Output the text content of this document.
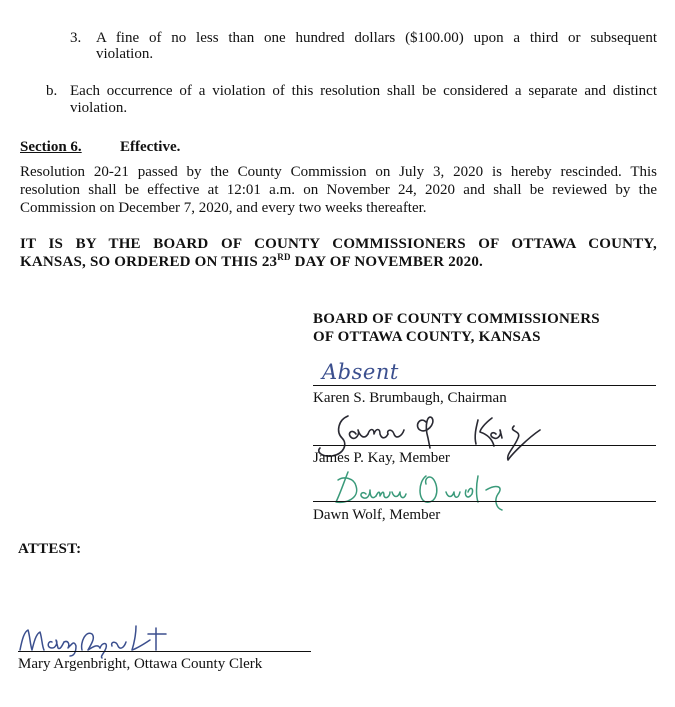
3. A fine of no less than one hundred dollars ($100.00) upon a third or subsequent
violation.
b. Each occurrence of a violation of this resolution shall be considered a separate and distinct
violation.
Section 6.	Effective.
Resolution 20-21 passed by the County Commission on July 3, 2020 is hereby rescinded. This
resolution shall be effective at 12:01 a.m. on November 24, 2020 and shall be reviewed by the
Commission on December 7, 2020, and every two weeks thereafter.
IT IS BY THE BOARD OF COUNTY COMMISSIONERS OF OTTAWA COUNTY,
KANSAS, SO ORDERED ON THIS 23RD DAY OF NOVEMBER 2020.
BOARD OF COUNTY COMMISSIONERS
OF OTTAWA COUNTY, KANSAS
Absent
Karen S. Brumbaugh, Chairman
James P. Kay, Member
Dawn Wolf, Member
ATTEST:
Mary Argenbright, Ottawa County Clerk
